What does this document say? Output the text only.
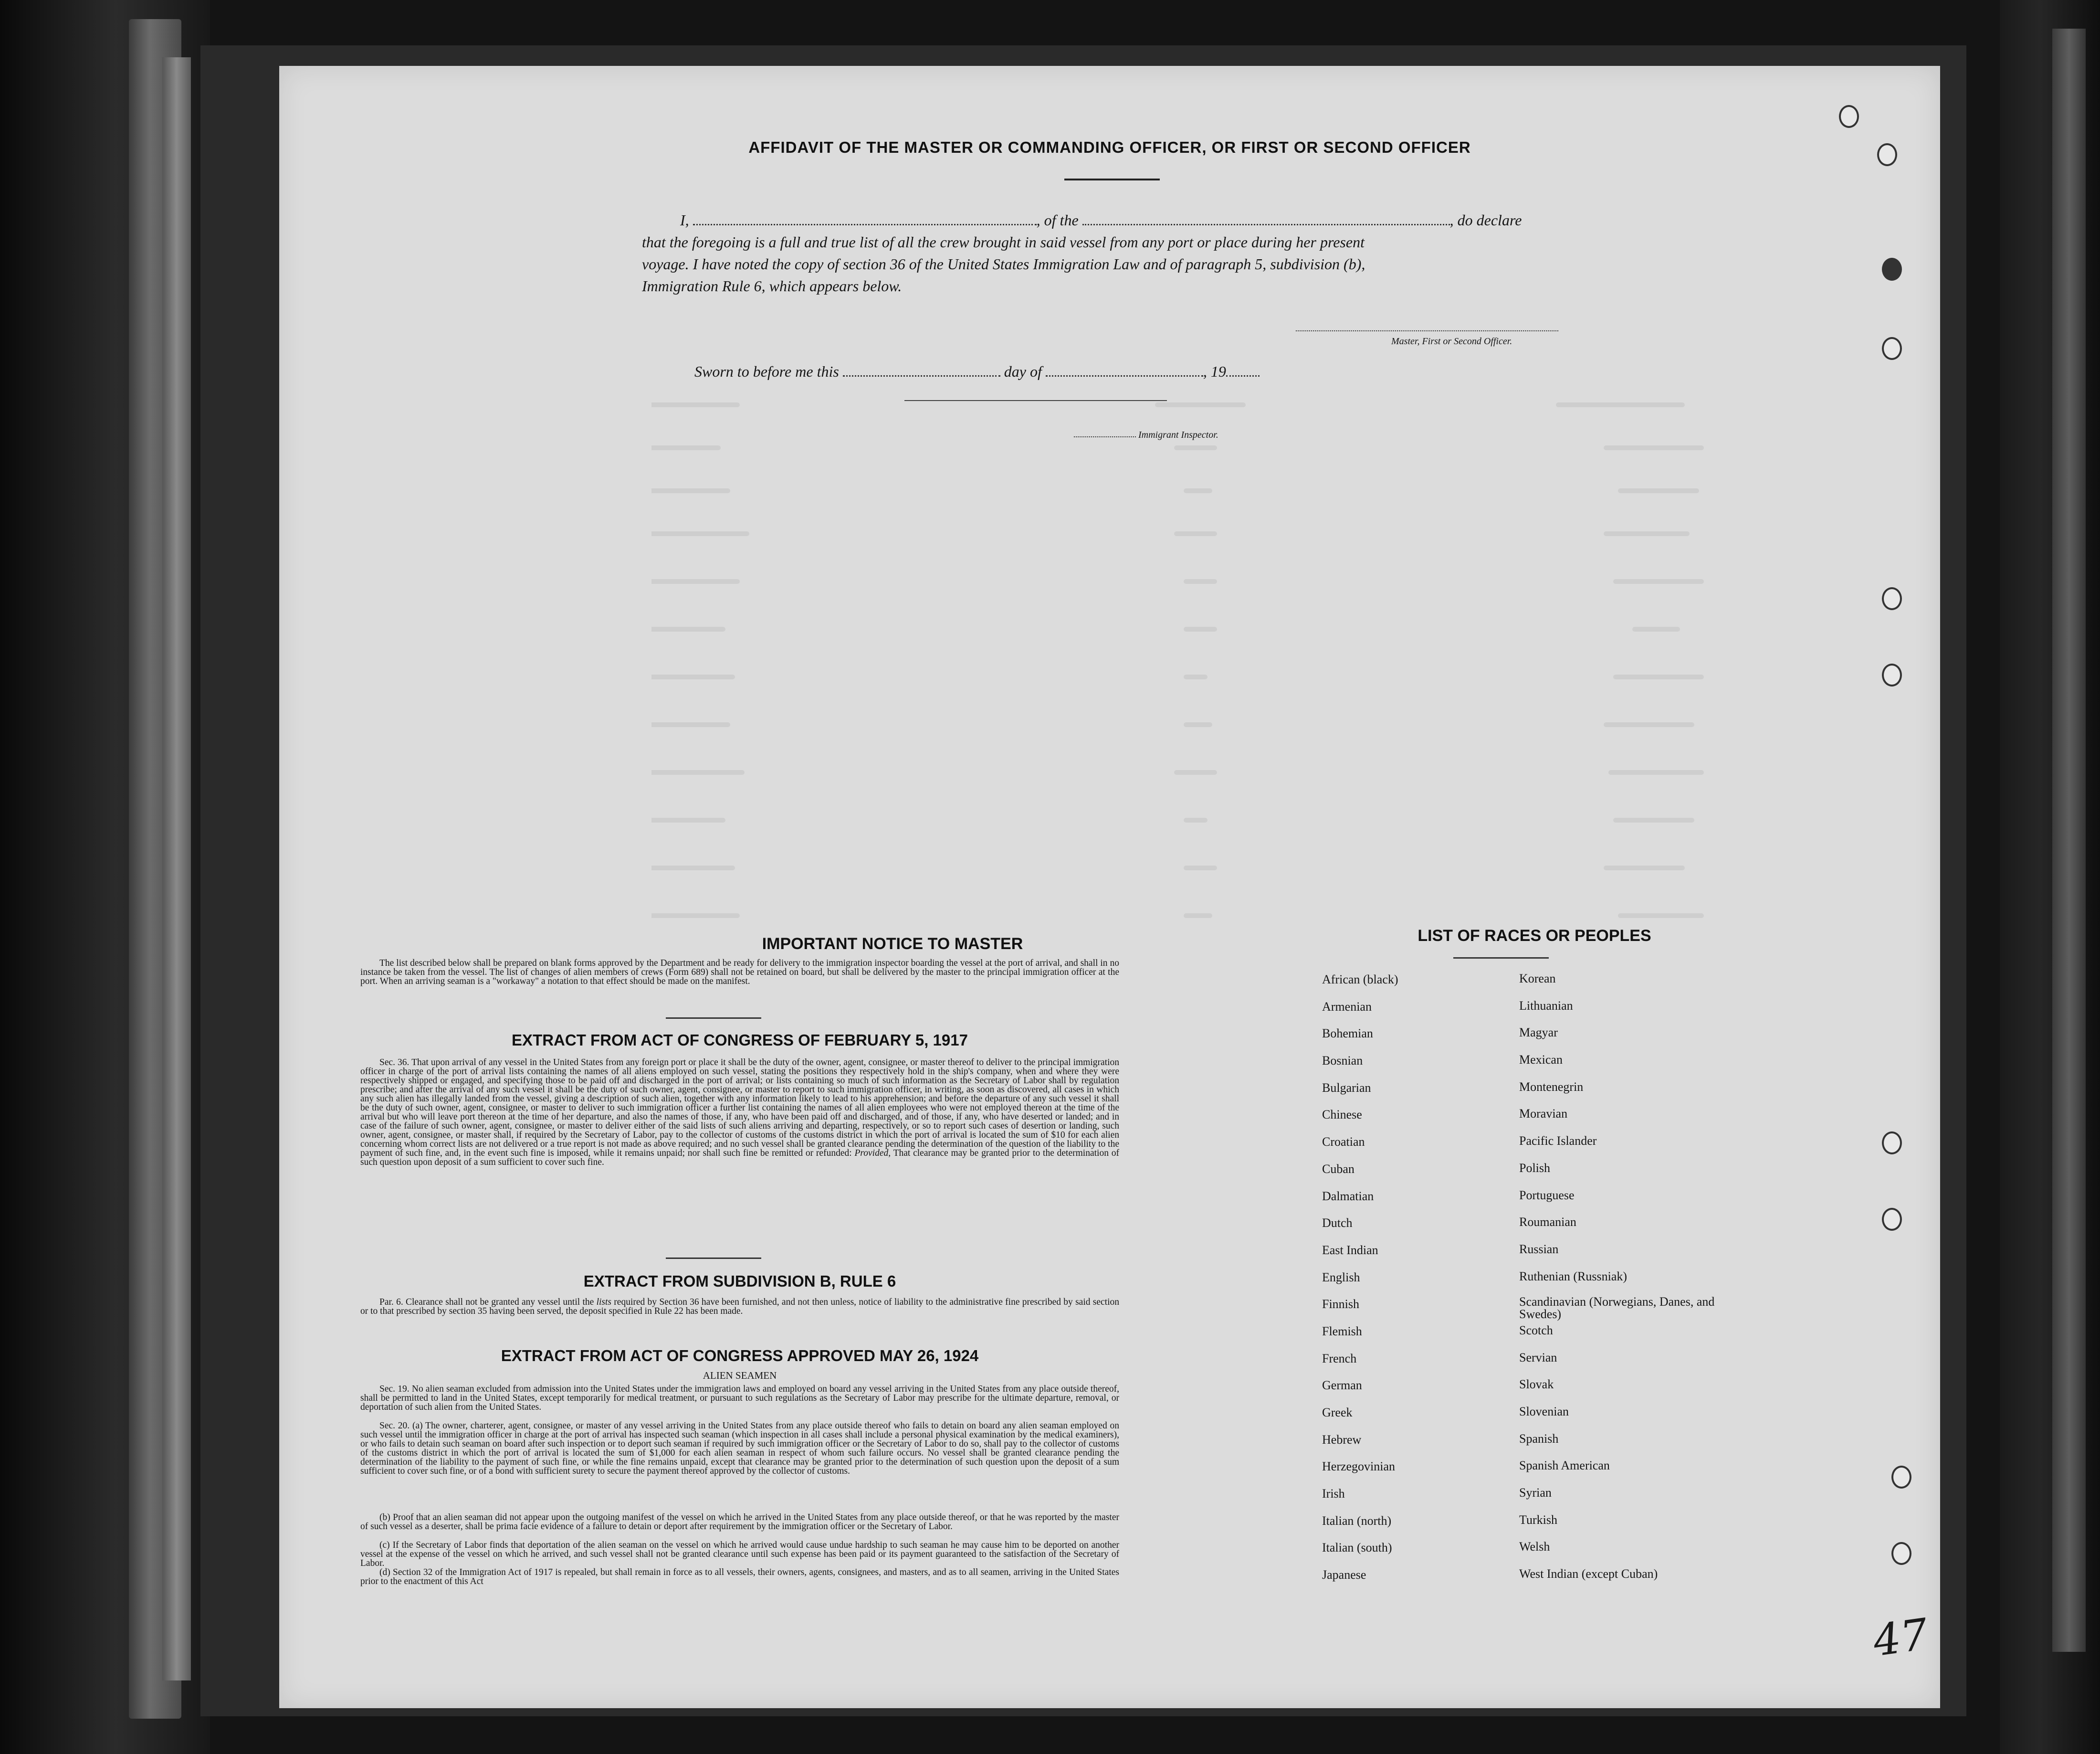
AFFIDAVIT OF THE MASTER OR COMMANDING OFFICER, OR FIRST OR SECOND OFFICER
I,	, of the	, do declare
that the foregoing is a full and true list of all the crew brought in said vessel from any port or place during her present
voyage. I have noted the copy of section 36 of the United States Immigration Law and of paragraph 5, subdivision (b),
Immigration Rule 6, which appears below.
Master, First or Second Officer.
Sworn to before me this	day of	, 19
Immigrant Inspector.
IMPORTANT NOTICE TO MASTER
The list described below shall be prepared on blank forms approved by the Department and be ready for delivery to the immigration inspector boarding the vessel at the port of arrival, and shall in no instance be taken from the vessel. The list of changes of alien members of crews (Form 689) shall not be retained on board, but shall be delivered by the master to the principal immigration officer at the port. When an arriving seaman is a "workaway" a notation to that effect should be made on the manifest.
EXTRACT FROM ACT OF CONGRESS OF FEBRUARY 5, 1917
Sec. 36. That upon arrival of any vessel in the United States from any foreign port or place it shall be the duty of the owner, agent, consignee, or master thereof to deliver to the principal immigration officer in charge of the port of arrival lists containing the names of all aliens employed on such vessel, stating the positions they respectively hold in the ship's company, when and where they were respectively shipped or engaged, and specifying those to be paid off and discharged in the port of arrival; or lists containing so much of such information as the Secretary of Labor shall by regulation prescribe; and after the arrival of any such vessel it shall be the duty of such owner, agent, consignee, or master to report to such immigration officer, in writing, as soon as discovered, all cases in which any such alien has illegally landed from the vessel, giving a description of such alien, together with any information likely to lead to his apprehension; and before the departure of any such vessel it shall be the duty of such owner, agent, consignee, or master to deliver to such immigration officer a further list containing the names of all alien employees who were not employed thereon at the time of the arrival but who will leave port thereon at the time of her departure, and also the names of those, if any, who have been paid off and discharged, and of those, if any, who have deserted or landed; and in case of the failure of such owner, agent, consignee, or master to deliver either of the said lists of such aliens arriving and departing, respectively, or so to report such cases of desertion or landing, such owner, agent, consignee, or master shall, if required by the Secretary of Labor, pay to the collector of customs of the customs district in which the port of arrival is located the sum of $10 for each alien concerning whom correct lists are not delivered or a true report is not made as above required; and no such vessel shall be granted clearance pending the determination of the question of the liability to the payment of such fine, and, in the event such fine is imposed, while it remains unpaid; nor shall such fine be remitted or refunded: Provided, That clearance may be granted prior to the determination of such question upon deposit of a sum sufficient to cover such fine.
EXTRACT FROM SUBDIVISION B, RULE 6
Par. 6. Clearance shall not be granted any vessel until the lists required by Section 36 have been furnished, and not then unless, notice of liability to the administrative fine prescribed by said section or to that prescribed by section 35 having been served, the deposit specified in Rule 22 has been made.
EXTRACT FROM ACT OF CONGRESS APPROVED MAY 26, 1924
ALIEN SEAMEN
Sec. 19. No alien seaman excluded from admission into the United States under the immigration laws and employed on board any vessel arriving in the United States from any place outside thereof, shall be permitted to land in the United States, except temporarily for medical treatment, or pursuant to such regulations as the Secretary of Labor may prescribe for the ultimate departure, removal, or deportation of such alien from the United States.
Sec. 20. (a) The owner, charterer, agent, consignee, or master of any vessel arriving in the United States from any place outside thereof who fails to detain on board any alien seaman employed on such vessel until the immigration officer in charge at the port of arrival has inspected such seaman (which inspection in all cases shall include a personal physical examination by the medical examiners), or who fails to detain such seaman on board after such inspection or to deport such seaman if required by such immigration officer or the Secretary of Labor to do so, shall pay to the collector of customs of the customs district in which the port of arrival is located the sum of $1,000 for each alien seaman in respect of whom such failure occurs. No vessel shall be granted clearance pending the determination of the liability to the payment of such fine, or while the fine remains unpaid, except that clearance may be granted prior to the determination of such question upon the deposit of a sum sufficient to cover such fine, or of a bond with sufficient surety to secure the payment thereof approved by the collector of customs.
(b) Proof that an alien seaman did not appear upon the outgoing manifest of the vessel on which he arrived in the United States from any place outside thereof, or that he was reported by the master of such vessel as a deserter, shall be prima facie evidence of a failure to detain or deport after requirement by the immigration officer or the Secretary of Labor.
(c) If the Secretary of Labor finds that deportation of the alien seaman on the vessel on which he arrived would cause undue hardship to such seaman he may cause him to be deported on another vessel at the expense of the vessel on which he arrived, and such vessel shall not be granted clearance until such expense has been paid or its payment guaranteed to the satisfaction of the Secretary of Labor.
(d) Section 32 of the Immigration Act of 1917 is repealed, but shall remain in force as to all vessels, their owners, agents, consignees, and masters, and as to all seamen, arriving in the United States prior to the enactment of this Act
LIST OF RACES OR PEOPLES
African (black)
Armenian
Bohemian
Bosnian
Bulgarian
Chinese
Croatian
Cuban
Dalmatian
Dutch
East Indian
English
Finnish
Flemish
French
German
Greek
Hebrew
Herzegovinian
Irish
Italian (north)
Italian (south)
Japanese
Korean
Lithuanian
Magyar
Mexican
Montenegrin
Moravian
Pacific Islander
Polish
Portuguese
Roumanian
Russian
Ruthenian (Russniak)
Scandinavian (Norwegians, Danes, and Swedes)
Scotch
Servian
Slovak
Slovenian
Spanish
Spanish American
Syrian
Turkish
Welsh
West Indian (except Cuban)
47
